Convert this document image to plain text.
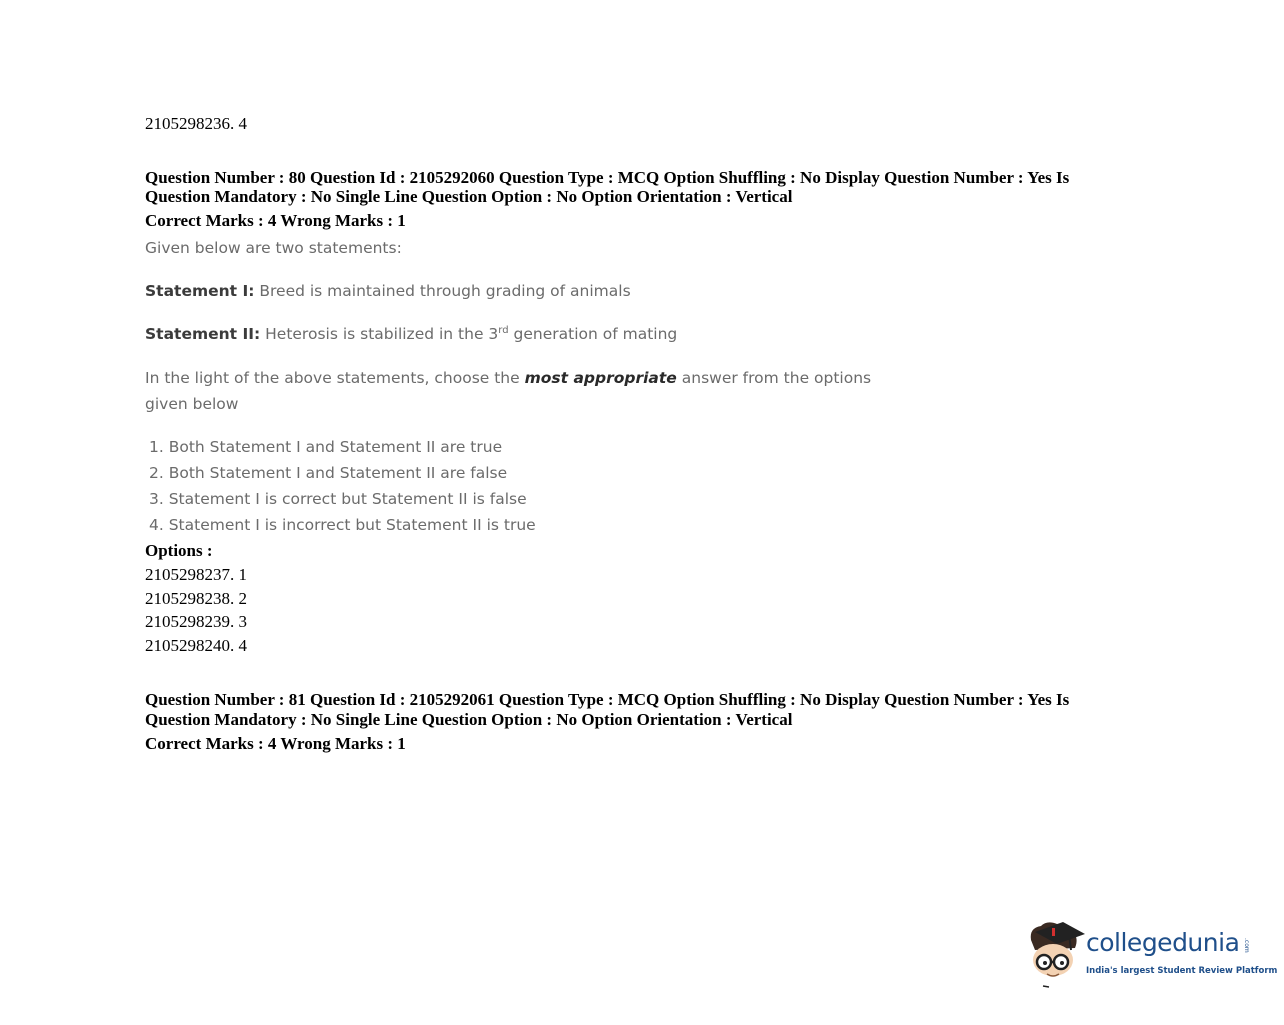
2105298236. 4
Question Number : 80 Question Id : 2105292060 Question Type : MCQ Option Shuffling : No Display Question Number : Yes Is
Question Mandatory : No Single Line Question Option : No Option Orientation : Vertical
Correct Marks : 4 Wrong Marks : 1
Given below are two statements:
Statement I: Breed is maintained through grading of animals
Statement II: Heterosis is stabilized in the 3rd generation of mating
In the light of the above statements, choose the most appropriate answer from the options
given below
1. Both Statement I and Statement II are true
2. Both Statement I and Statement II are false
3. Statement I is correct but Statement II is false
4. Statement I is incorrect but Statement II is true
Options :
2105298237. 1
2105298238. 2
2105298239. 3
2105298240. 4
Question Number : 81 Question Id : 2105292061 Question Type : MCQ Option Shuffling : No Display Question Number : Yes Is
Question Mandatory : No Single Line Question Option : No Option Orientation : Vertical
Correct Marks : 4 Wrong Marks : 1
collegedunia .com
India's largest Student Review Platform
